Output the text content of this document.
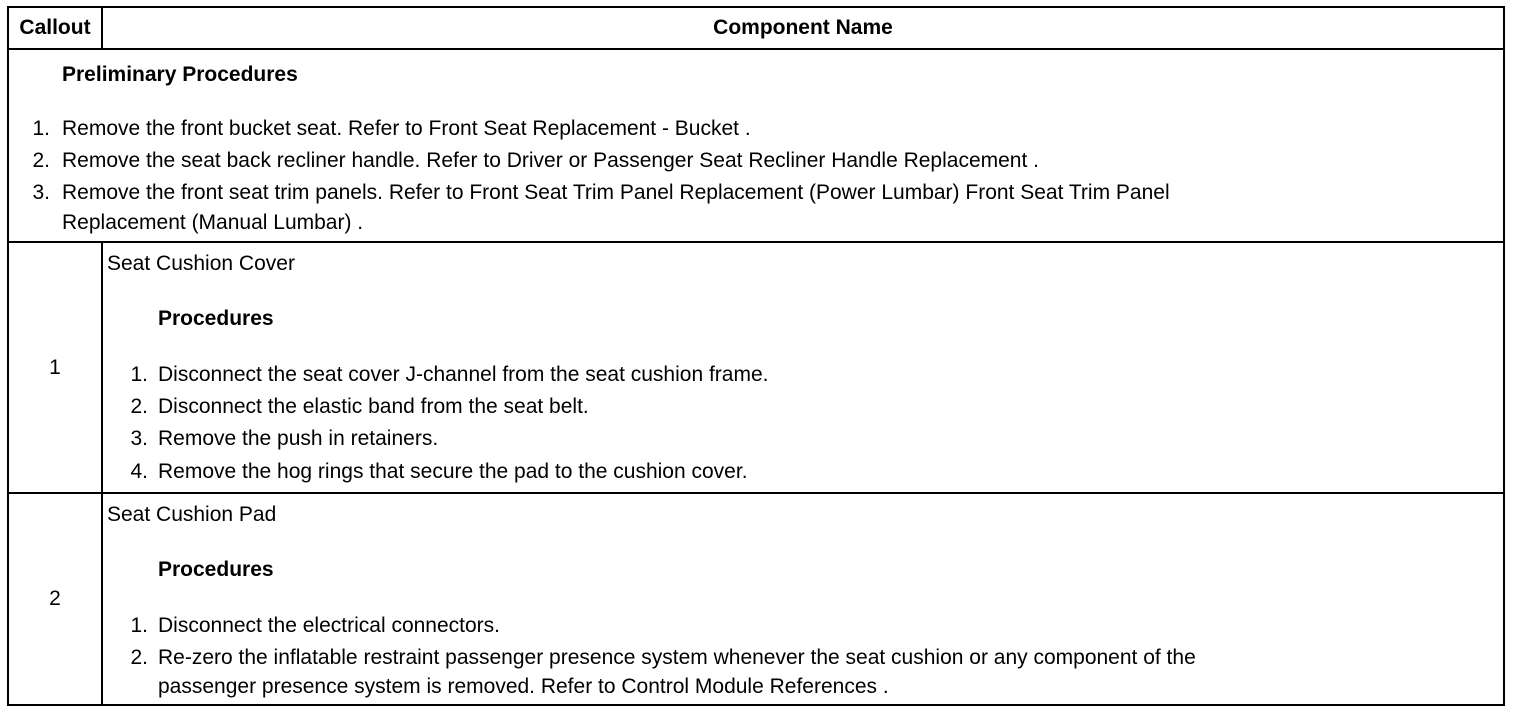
Callout	Component Name
Preliminary Procedures
1. Remove the front bucket seat. Refer to Front Seat Replacement - Bucket .
2. Remove the seat back recliner handle. Refer to Driver or Passenger Seat Recliner Handle Replacement .
3. Remove the front seat trim panels. Refer to Front Seat Trim Panel Replacement (Power Lumbar) Front Seat Trim Panel
Replacement (Manual Lumbar) .
1
Seat Cushion Cover
Procedures
1. Disconnect the seat cover J-channel from the seat cushion frame.
2. Disconnect the elastic band from the seat belt.
3. Remove the push in retainers.
4. Remove the hog rings that secure the pad to the cushion cover.
2
Seat Cushion Pad
Procedures
1. Disconnect the electrical connectors.
2. Re-zero the inflatable restraint passenger presence system whenever the seat cushion or any component of the
passenger presence system is removed. Refer to Control Module References .
